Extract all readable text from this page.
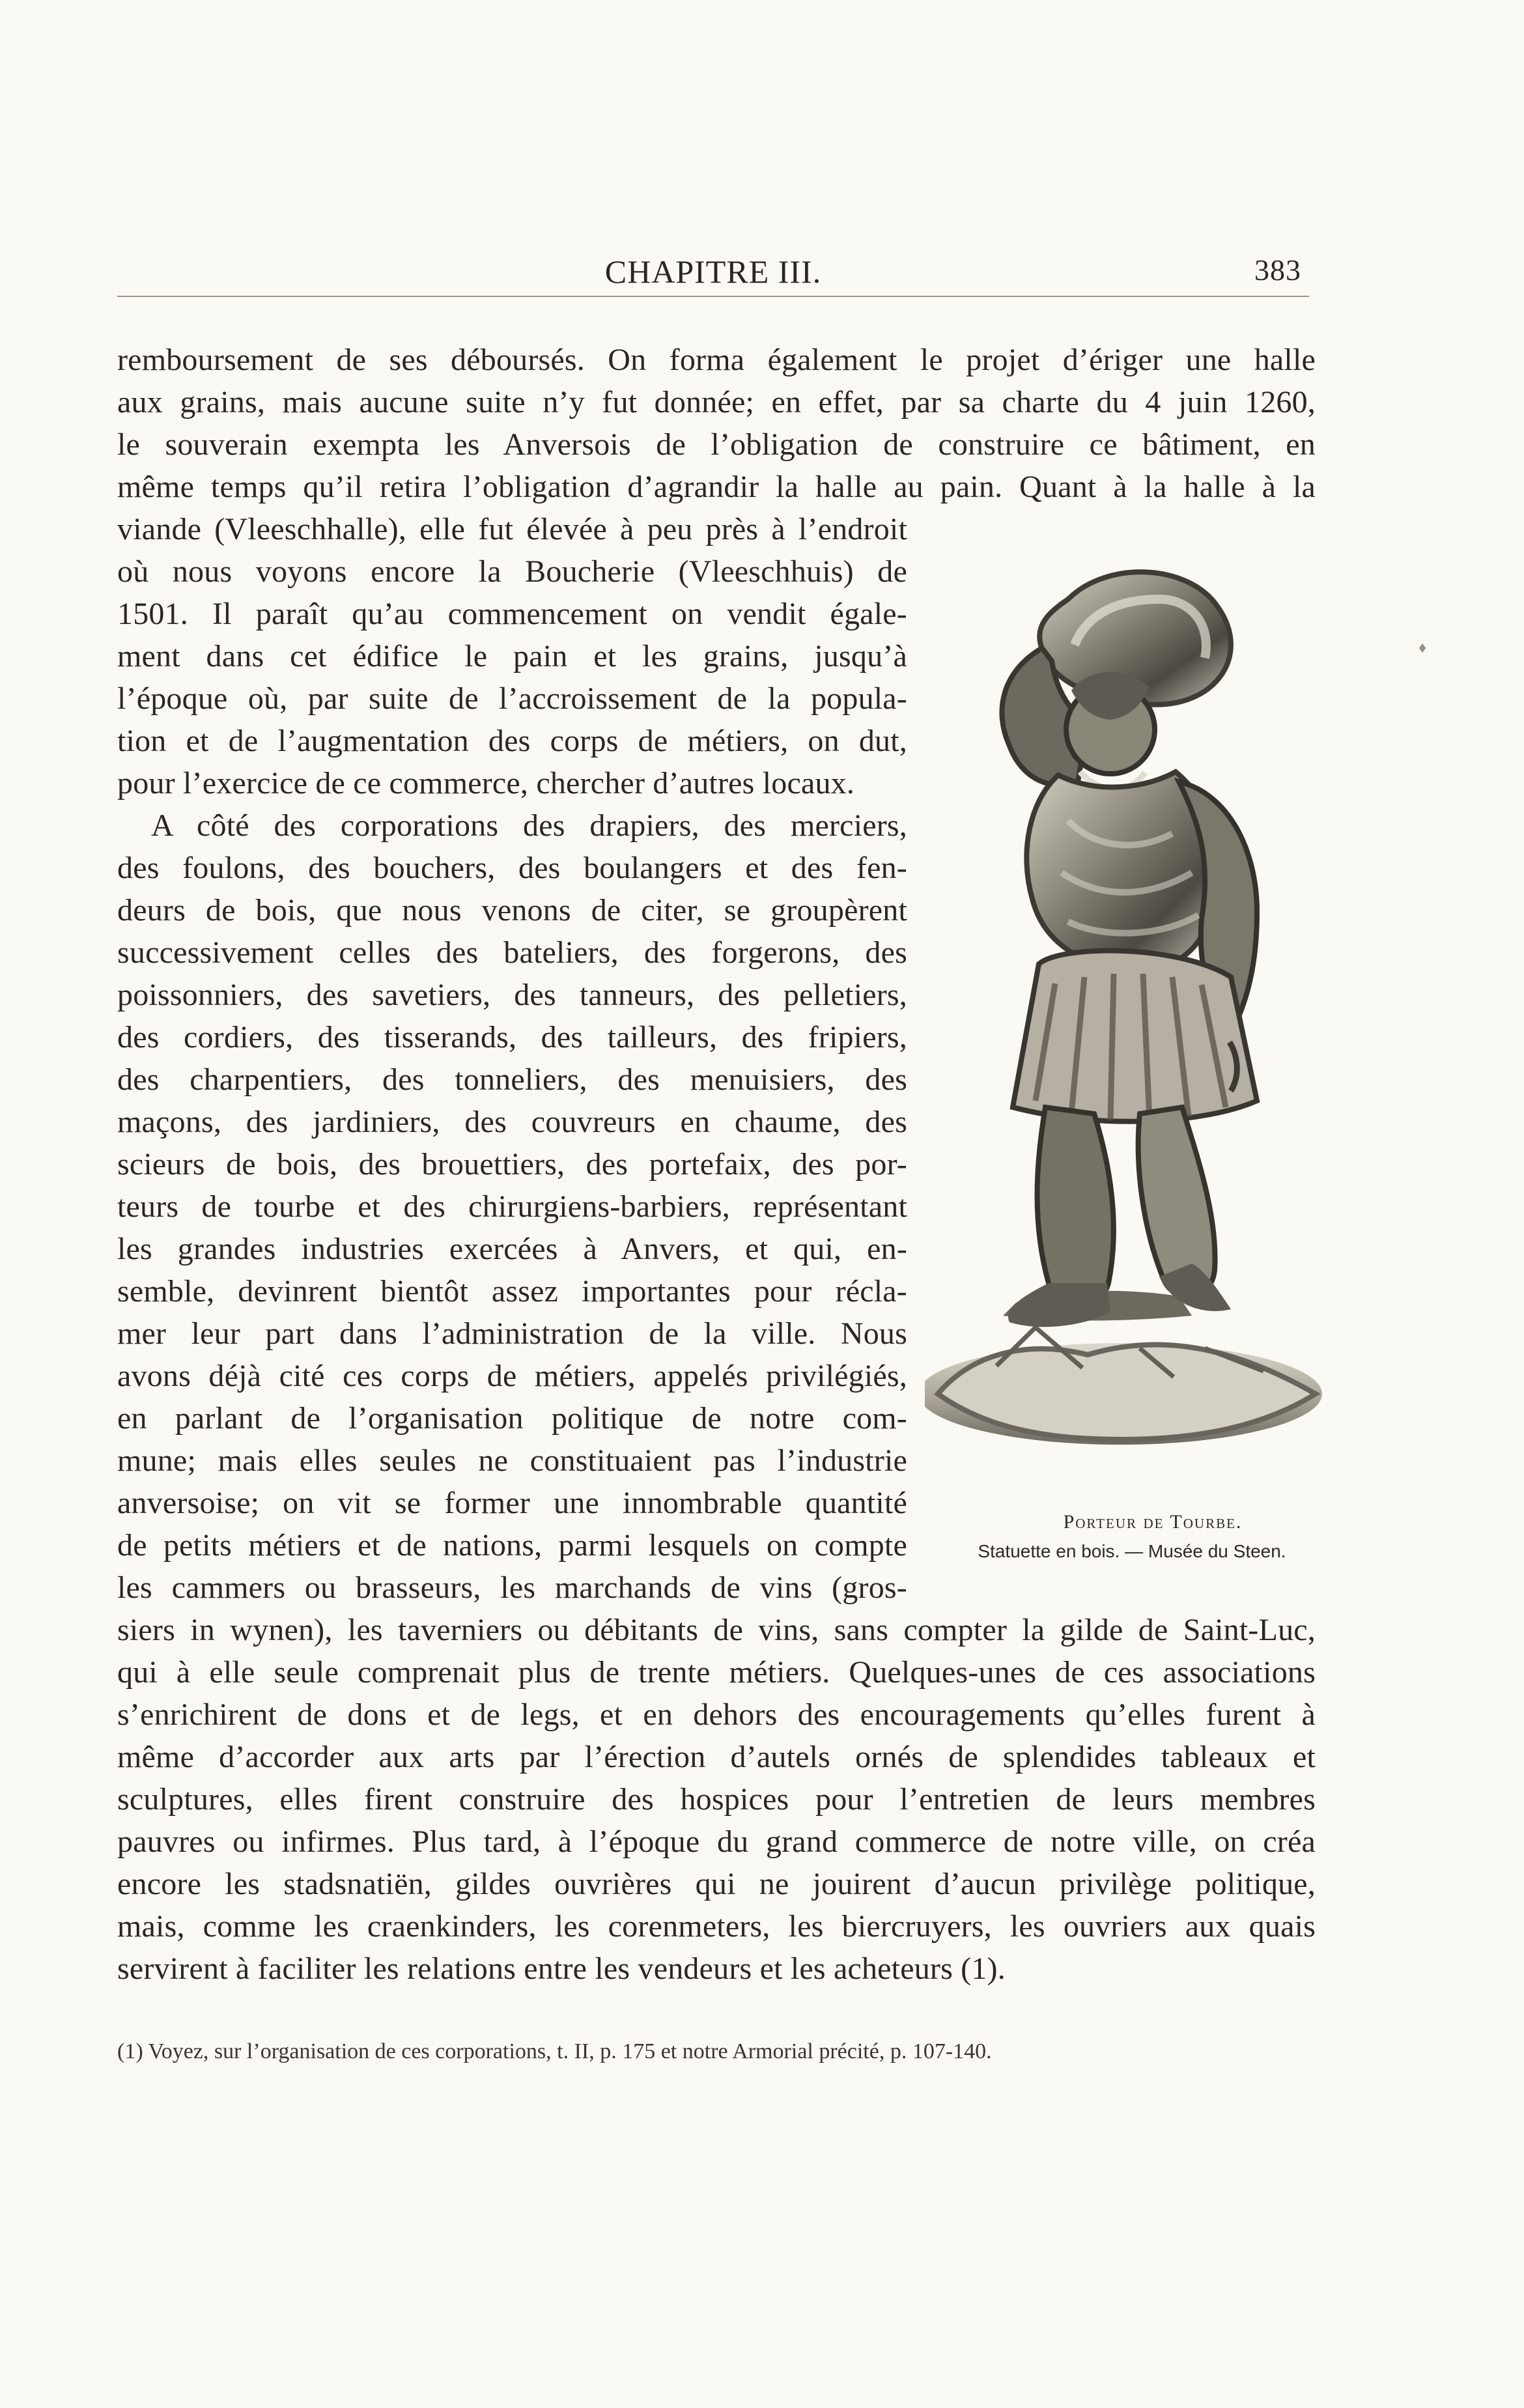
CHAPITRE III.	383

remboursement de ses déboursés. On forma également le projet d’ériger une halle

aux grains, mais aucune suite n’y fut donnée; en effet, par sa charte du 4 juin 1260,

le souverain exempta les Anversois de l’obligation de construire ce bâtiment, en

même temps qu’il retira l’obligation d’agrandir la halle au pain. Quant à la halle à la

viande (Vleeschhalle), elle fut élevée à peu près à l’endroit

où nous voyons encore la Boucherie (Vleeschhuis) de

1501. Il paraît qu’au commencement on vendit égale-

ment dans cet édifice le pain et les grains, jusqu’à

l’époque où, par suite de l’accroissement de la popula-

tion et de l’augmentation des corps de métiers, on dut,

pour l’exercice de ce commerce, chercher d’autres locaux.

A côté des corporations des drapiers, des merciers,

des foulons, des bouchers, des boulangers et des fen-

deurs de bois, que nous venons de citer, se groupèrent

successivement celles des bateliers, des forgerons, des

poissonniers, des savetiers, des tanneurs, des pelletiers,

des cordiers, des tisserands, des tailleurs, des fripiers,

des charpentiers, des tonneliers, des menuisiers, des

maçons, des jardiniers, des couvreurs en chaume, des

scieurs de bois, des brouettiers, des portefaix, des por-

teurs de tourbe et des chirurgiens-barbiers, représentant

les grandes industries exercées à Anvers, et qui, en-

semble, devinrent bientôt assez importantes pour récla-

mer leur part dans l’administration de la ville. Nous

avons déjà cité ces corps de métiers, appelés privilégiés,

en parlant de l’organisation politique de notre com-

mune; mais elles seules ne constituaient pas l’industrie

anversoise; on vit se former une innombrable quantité

de petits métiers et de nations, parmi lesquels on compte

les cammers ou brasseurs, les marchands de vins (gros-

siers in wynen), les taverniers ou débitants de vins, sans compter la gilde de Saint-Luc,

qui à elle seule comprenait plus de trente métiers. Quelques-unes de ces associations

s’enrichirent de dons et de legs, et en dehors des encouragements qu’elles furent à

même d’accorder aux arts par l’érection d’autels ornés de splendides tableaux et

sculptures, elles firent construire des hospices pour l’entretien de leurs membres

pauvres ou infirmes. Plus tard, à l’époque du grand commerce de notre ville, on créa

encore les stadsnatiën, gildes ouvrières qui ne jouirent d’aucun privilège politique,

mais, comme les craenkinders, les corenmeters, les biercruyers, les ouvriers aux quais

servirent à faciliter les relations entre les vendeurs et les acheteurs (1).

Porteur de Tourbe.
Statuette en bois. — Musée du Steen.
♦
(1) Voyez, sur l’organisation de ces corporations, t. II, p. 175 et notre Armorial précité, p. 107-140.
